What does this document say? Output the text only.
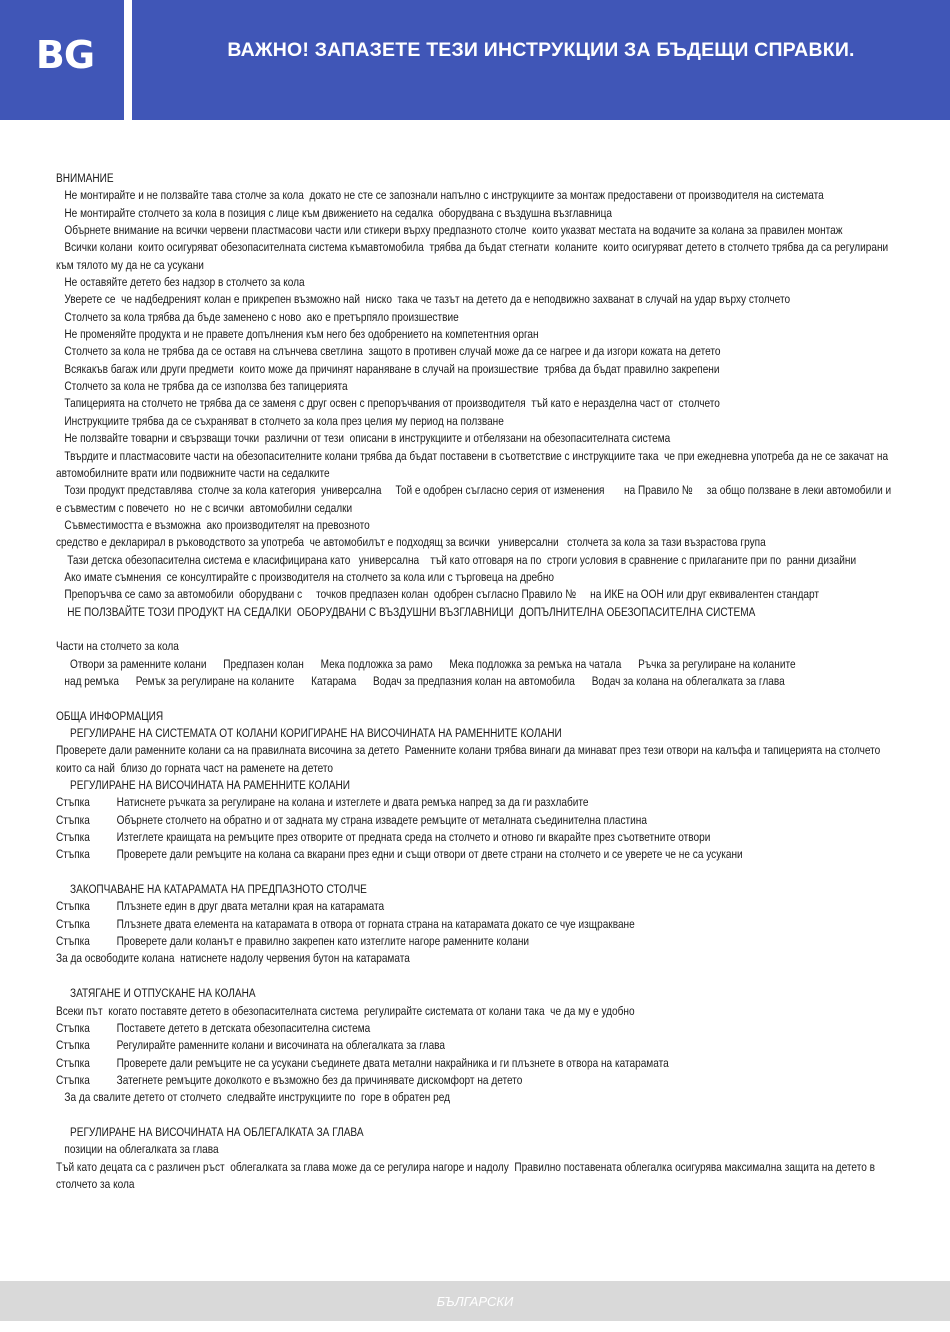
BG	ВАЖНО! ЗАПАЗЕТЕ ТЕЗИ ИНСТРУКЦИИ ЗА БЪДЕЩИ СПРАВКИ.

ВНИМАНИЕ

Не монтирайте и не ползвайте тава столче за кола  докато не сте се запознали напълно с инструкциите за монтаж предоставени от производителя на системата

Не монтирайте столчето за кола в позиция с лице към движението на седалка  оборудвана с въздушна възглавница

Обърнете внимание на всички червени пластмасови части или стикери върху предпазното столче  които указват местата на водачите за колана за правилен монтаж

Всички колани  които осигуряват обезопасителната система къмавтомобила  трябва да бъдат стегнати  коланите  които осигуряват детето в столчето трябва да са регулирани към тялото му да не са усукани

Не оставяйте детето без надзор в столчето за кола

Уверете се  че надбедреният колан е прикрепен възможно най  ниско  така че тазът на детето да е неподвижно захванат в случай на удар върху столчето

Столчето за кола трябва да бъде заменено с ново  ако е претърпяло произшествие

Не променяйте продукта и не правете допълнения към него без одобрението на компетентния орган

Столчето за кола не трябва да се оставя на слънчева светлина  защото в противен случай може да се нагрее и да изгори кожата на детето

Всякакъв багаж или други предмети  които може да причинят нараняване в случай на произшествие  трябва да бъдат правилно закрепени

Столчето за кола не трябва да се използва без тапицерията

Тапицерията на столчето не трябва да се заменя с друг освен с препоръчвания от производителя  тъй като е неразделна част от  столчето

Инструкциите трябва да се съхраняват в столчето за кола през целия му период на ползване

Не ползвайте товарни и свързващи точки  различни от тези  описани в инструкциите и отбелязани на обезопасителната система

Твърдите и пластмасовите части на обезопасителните колани трябва да бъдат поставени в съответствие с инструкциите така  че при ежедневна употреба да не се закачат на автомобилните врати или подвижните части на седалките

Този продукт представлява  столче за кола категория  универсална     Той е одобрен съгласно серия от изменения       на Правило №     за общо ползване в леки автомобили и е съвместим с повечето  но  не с всички  автомобилни седалки

Съвместимостта е възможна  ако производителят на превозното
средство е декларирал в ръководството за употреба  че автомобилът е подходящ за всички   универсални   столчета за кола за тази възрастова група

Тази детска обезопасителна система е класифицирана като   универсална    тъй като отговаря на по  строги условия в сравнение с прилаганите при по  ранни дизайни

Ако имате съмнения  се консултирайте с производителя на столчето за кола или с търговеца на дребно

Препоръчва се само за автомобили  оборудвани с     точков предпазен колан  одобрен съгласно Правило №     на ИКЕ на ООН или друг еквивалентен стандарт

НЕ ПОЛЗВАЙТЕ ТОЗИ ПРОДУКТ НА СЕДАЛКИ  ОБОРУДВАНИ С ВЪЗДУШНИ ВЪЗГЛАВНИЦИ  ДОПЪЛНИТЕЛНА ОБЕЗОПАСИТЕЛНА СИСТЕМА

Части на столчето за кола

Отвори за раменните колани      Предпазен колан      Мека подложка за рамо      Мека подложка за ремъка на чатала      Ръчка за регулиране на коланите

над ремъка      Ремък за регулиране на коланите      Катарама      Водач за предпазния колан на автомобила      Водач за колана на облегалката за глава

ОБЩА ИНФОРМАЦИЯ

РЕГУЛИРАНЕ НА СИСТЕМАТА ОТ КОЛАНИ КОРИГИРАНЕ НА ВИСОЧИНАТА НА РАМЕННИТЕ КОЛАНИ

Проверете дали раменните колани са на правилната височина за детето  Раменните колани трябва винаги да минават през тези отвори на калъфа и тапицерията на столчето  които са най  близо до горната част на раменете на детето

РЕГУЛИРАНЕ НА ВИСОЧИНАТА НА РАМЕННИТЕ КОЛАНИ

Стъпка	Натиснете ръчката за регулиране на колана и изтеглете и двата ремъка напред за да ги разхлабите
Стъпка	Обърнете столчето на обратно и от задната му страна извадете ремъците от металната съединителна пластина
Стъпка	Изтеглете краищата на ремъците през отворите от предната среда на столчето и отново ги вкарайте през съответните отвори
Стъпка	Проверете дали ремъците на колана са вкарани през едни и същи отвори от двете страни на столчето и се уверете че не са усукани

ЗАКОПЧАВАНЕ НА КАТАРАМАТА НА ПРЕДПАЗНОТО СТОЛЧЕ

Стъпка	Плъзнете един в друг двата метални края на катарамата
Стъпка	Плъзнете двата елемента на катарамата в отвора от горната страна на катарамата докато се чуе изщракване
Стъпка	Проверете дали коланът е правилно закрепен като изтеглите нагоре раменните колани

За да освободите колана  натиснете надолу червения бутон на катарамата

ЗАТЯГАНЕ И ОТПУСКАНЕ НА КОЛАНА

Всеки път  когато поставяте детето в обезопасителната система  регулирайте системата от колани така  че да му е удобно

Стъпка	Поставете детето в детската обезопасителна система
Стъпка	Регулирайте раменните колани и височината на облегалката за глава
Стъпка	Проверете дали ремъците не са усукани съединете двата метални накрайника и ги плъзнете в отвора на катарамата
Стъпка	Затегнете ремъците доколкото е възможно без да причинявате дискомфорт на детето

За да свалите детето от столчето  следвайте инструкциите по  горе в обратен ред

РЕГУЛИРАНЕ НА ВИСОЧИНАТА НА ОБЛЕГАЛКАТА ЗА ГЛАВА

позиции на облегалката за глава

Тъй като децата са с различен ръст  облегалката за глава може да се регулира нагоре и надолу  Правилно поставената облегалка осигурява максимална защита на детето в столчето за кола

БЪЛГАРСКИ
